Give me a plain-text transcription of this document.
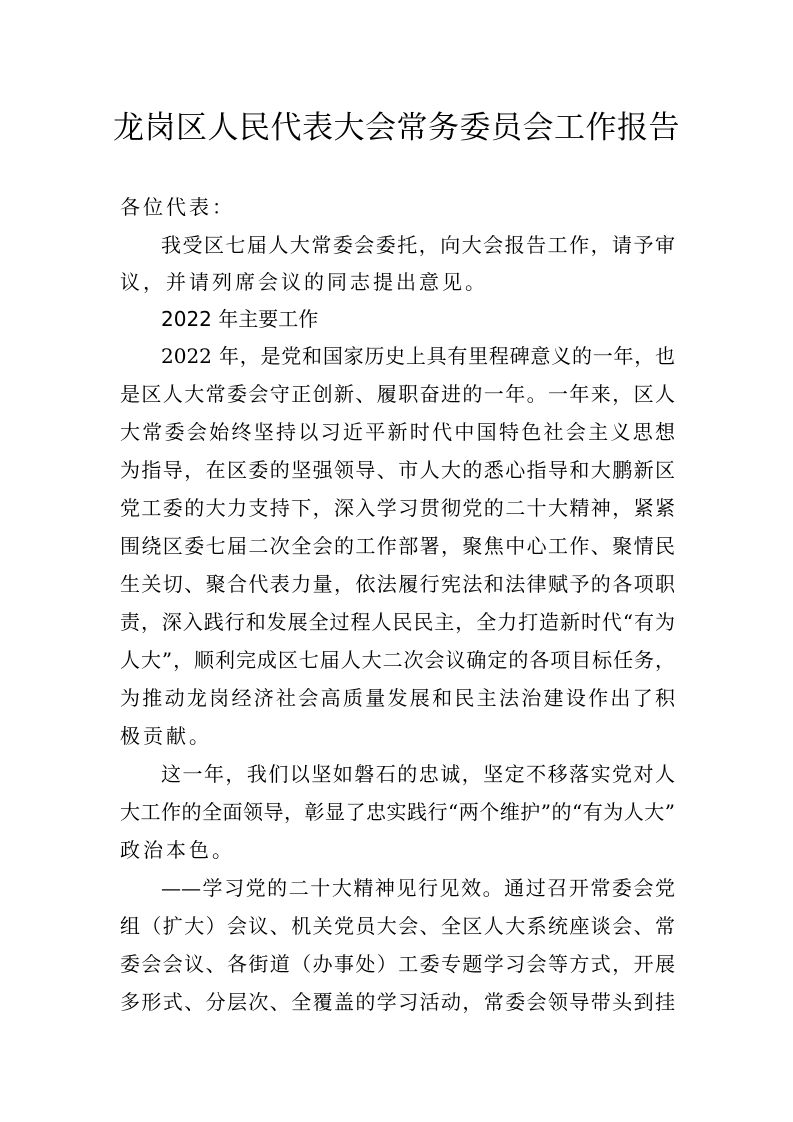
龙岗区人民代表大会常务委员会工作报告
各位代表：
我受区七届人大常委会委托，向大会报告工作，请予审
议，并请列席会议的同志提出意见。
2022 年主要工作
2022 年，是党和国家历史上具有里程碑意义的一年，也
是区人大常委会守正创新、履职奋进的一年。一年来，区人
大常委会始终坚持以习近平新时代中国特色社会主义思想
为指导，在区委的坚强领导、市人大的悉心指导和大鹏新区
党工委的大力支持下，深入学习贯彻党的二十大精神，紧紧
围绕区委七届二次全会的工作部署，聚焦中心工作、聚情民
生关切、聚合代表力量，依法履行宪法和法律赋予的各项职
责，深入践行和发展全过程人民民主，全力打造新时代“有为
人大”，顺利完成区七届人大二次会议确定的各项目标任务，
为推动龙岗经济社会高质量发展和民主法治建设作出了积
极贡献。
这一年，我们以坚如磐石的忠诚，坚定不移落实党对人
大工作的全面领导，彰显了忠实践行“两个维护”的“有为人大”
政治本色。
——学习党的二十大精神见行见效。通过召开常委会党
组（扩大）会议、机关党员大会、全区人大系统座谈会、常
委会会议、各街道（办事处）工委专题学习会等方式，开展
多形式、分层次、全覆盖的学习活动，常委会领导带头到挂
